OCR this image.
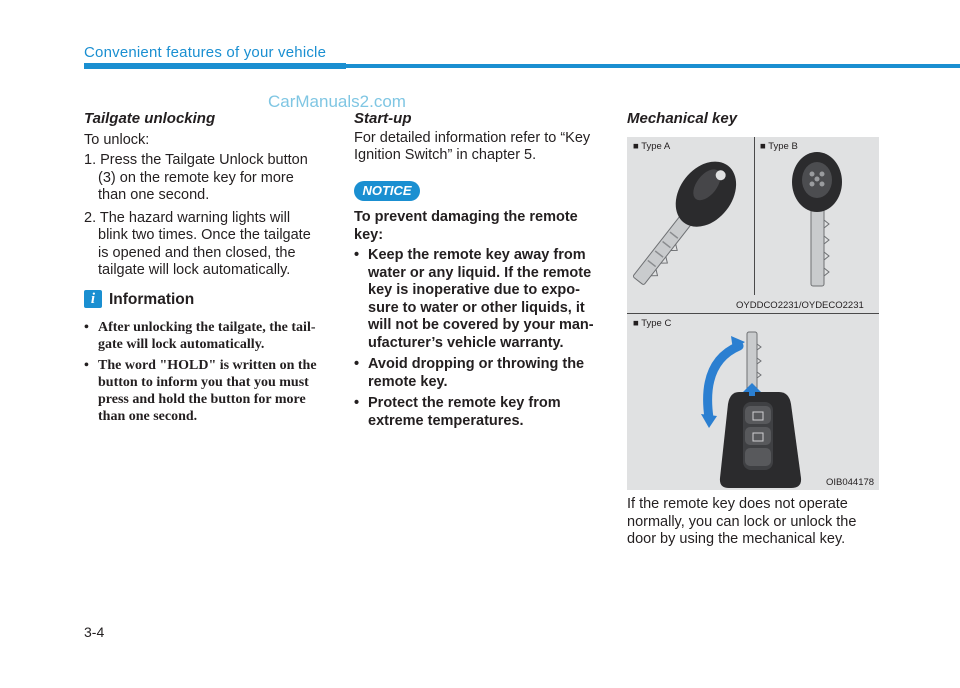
Convenient features of your vehicle
CarManuals2.com
Tailgate unlocking
To unlock:
1. Press the Tailgate Unlock button
(3) on the remote key for more
than one second.
2. The hazard warning lights will
blink two times. Once the tailgate
is opened and then closed, the
tailgate will lock automatically.
i Information
• After unlocking the tailgate, the tail-
gate will lock automatically.
• The word "HOLD" is written on the
button to inform you that you must
press and hold the button for more
than one second.
Start-up
For detailed information refer to “Key
Ignition Switch” in chapter 5.
NOTICE
To prevent damaging the remote
key:
• Keep the remote key away from
water or any liquid. If the remote
key is inoperative due to expo-
sure to water or other liquids, it
will not be covered by your man-
ufacturer’s vehicle warranty.
• Avoid dropping or throwing the
remote key.
• Protect the remote key from
extreme temperatures.
Mechanical key
■ Type A	■ Type B
OYDDCO2231/OYDECO2231
■ Type C
OIB044178
If the remote key does not operate
normally, you can lock or unlock the
door by using the mechanical key.
3-4
